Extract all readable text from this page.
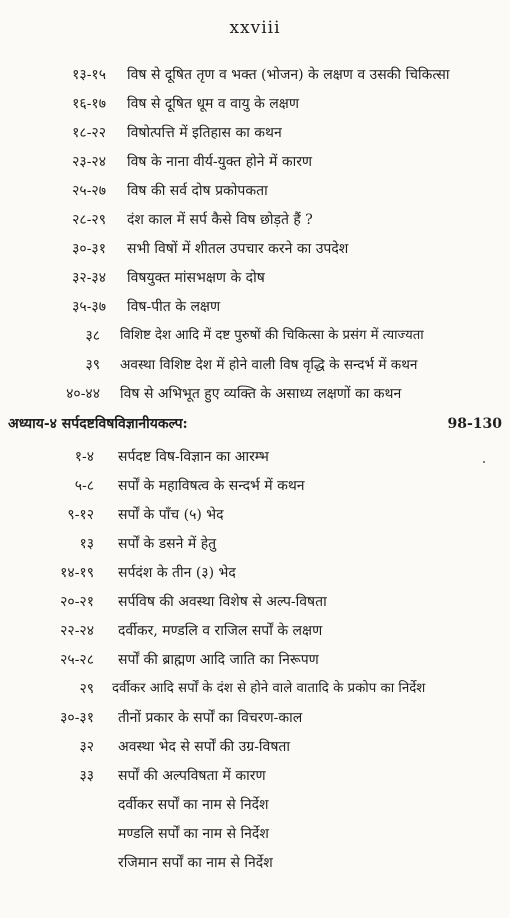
xxviii
१३-१५ विष से दूषित तृण व भक्त (भोजन) के लक्षण व उसकी चिकित्सा
१६-१७ विष से दूषित धूम व वायु के लक्षण
१८-२२ विषोत्पत्ति में इतिहास का कथन
२३-२४ विष के नाना वीर्य-युक्त होने में कारण
२५-२७ विष की सर्व दोष प्रकोपकता
२८-२९ दंश काल में सर्प कैसे विष छोड़ते हैं ?
३०-३१ सभी विषों में शीतल उपचार करने का उपदेश
३२-३४ विषयुक्त मांसभक्षण के दोष
३५-३७ विष-पीत के लक्षण
३८ विशिष्ट देश आदि में दष्ट पुरुषों की चिकित्सा के प्रसंग में त्याज्यता
३९ अवस्था विशिष्ट देश में होने वाली विष वृद्धि के सन्दर्भ में कथन
४०-४४ विष से अभिभूत हुए व्यक्ति के असाध्य लक्षणों का कथन
अध्याय-४ सर्पदष्टविषविज्ञानीयकल्प:	98-130
१-४ सर्पदष्ट विष-विज्ञान का आरम्भ
५-८ सर्पों के महाविषत्व के सन्दर्भ में कथन
९-१२ सर्पों के पाँच (५) भेद
१३ सर्पों के डसने में हेतु
१४-१९ सर्पदंश के तीन (३) भेद
२०-२१ सर्पविष की अवस्था विशेष से अल्प-विषता
२२-२४ दर्वीकर, मण्डलि व राजिल सर्पों के लक्षण
२५-२८ सर्पों की ब्राह्मण आदि जाति का निरूपण
२९ दर्वीकर आदि सर्पों के दंश से होने वाले वातादि के प्रकोप का निर्देश
३०-३१ तीनों प्रकार के सर्पों का विचरण-काल
३२ अवस्था भेद से सर्पों की उग्र-विषता
३३ सर्पों की अल्पविषता में कारण
दर्वीकर सर्पों का नाम से निर्देश
मण्डलि सर्पों का नाम से निर्देश
रजिमान सर्पों का नाम से निर्देश
